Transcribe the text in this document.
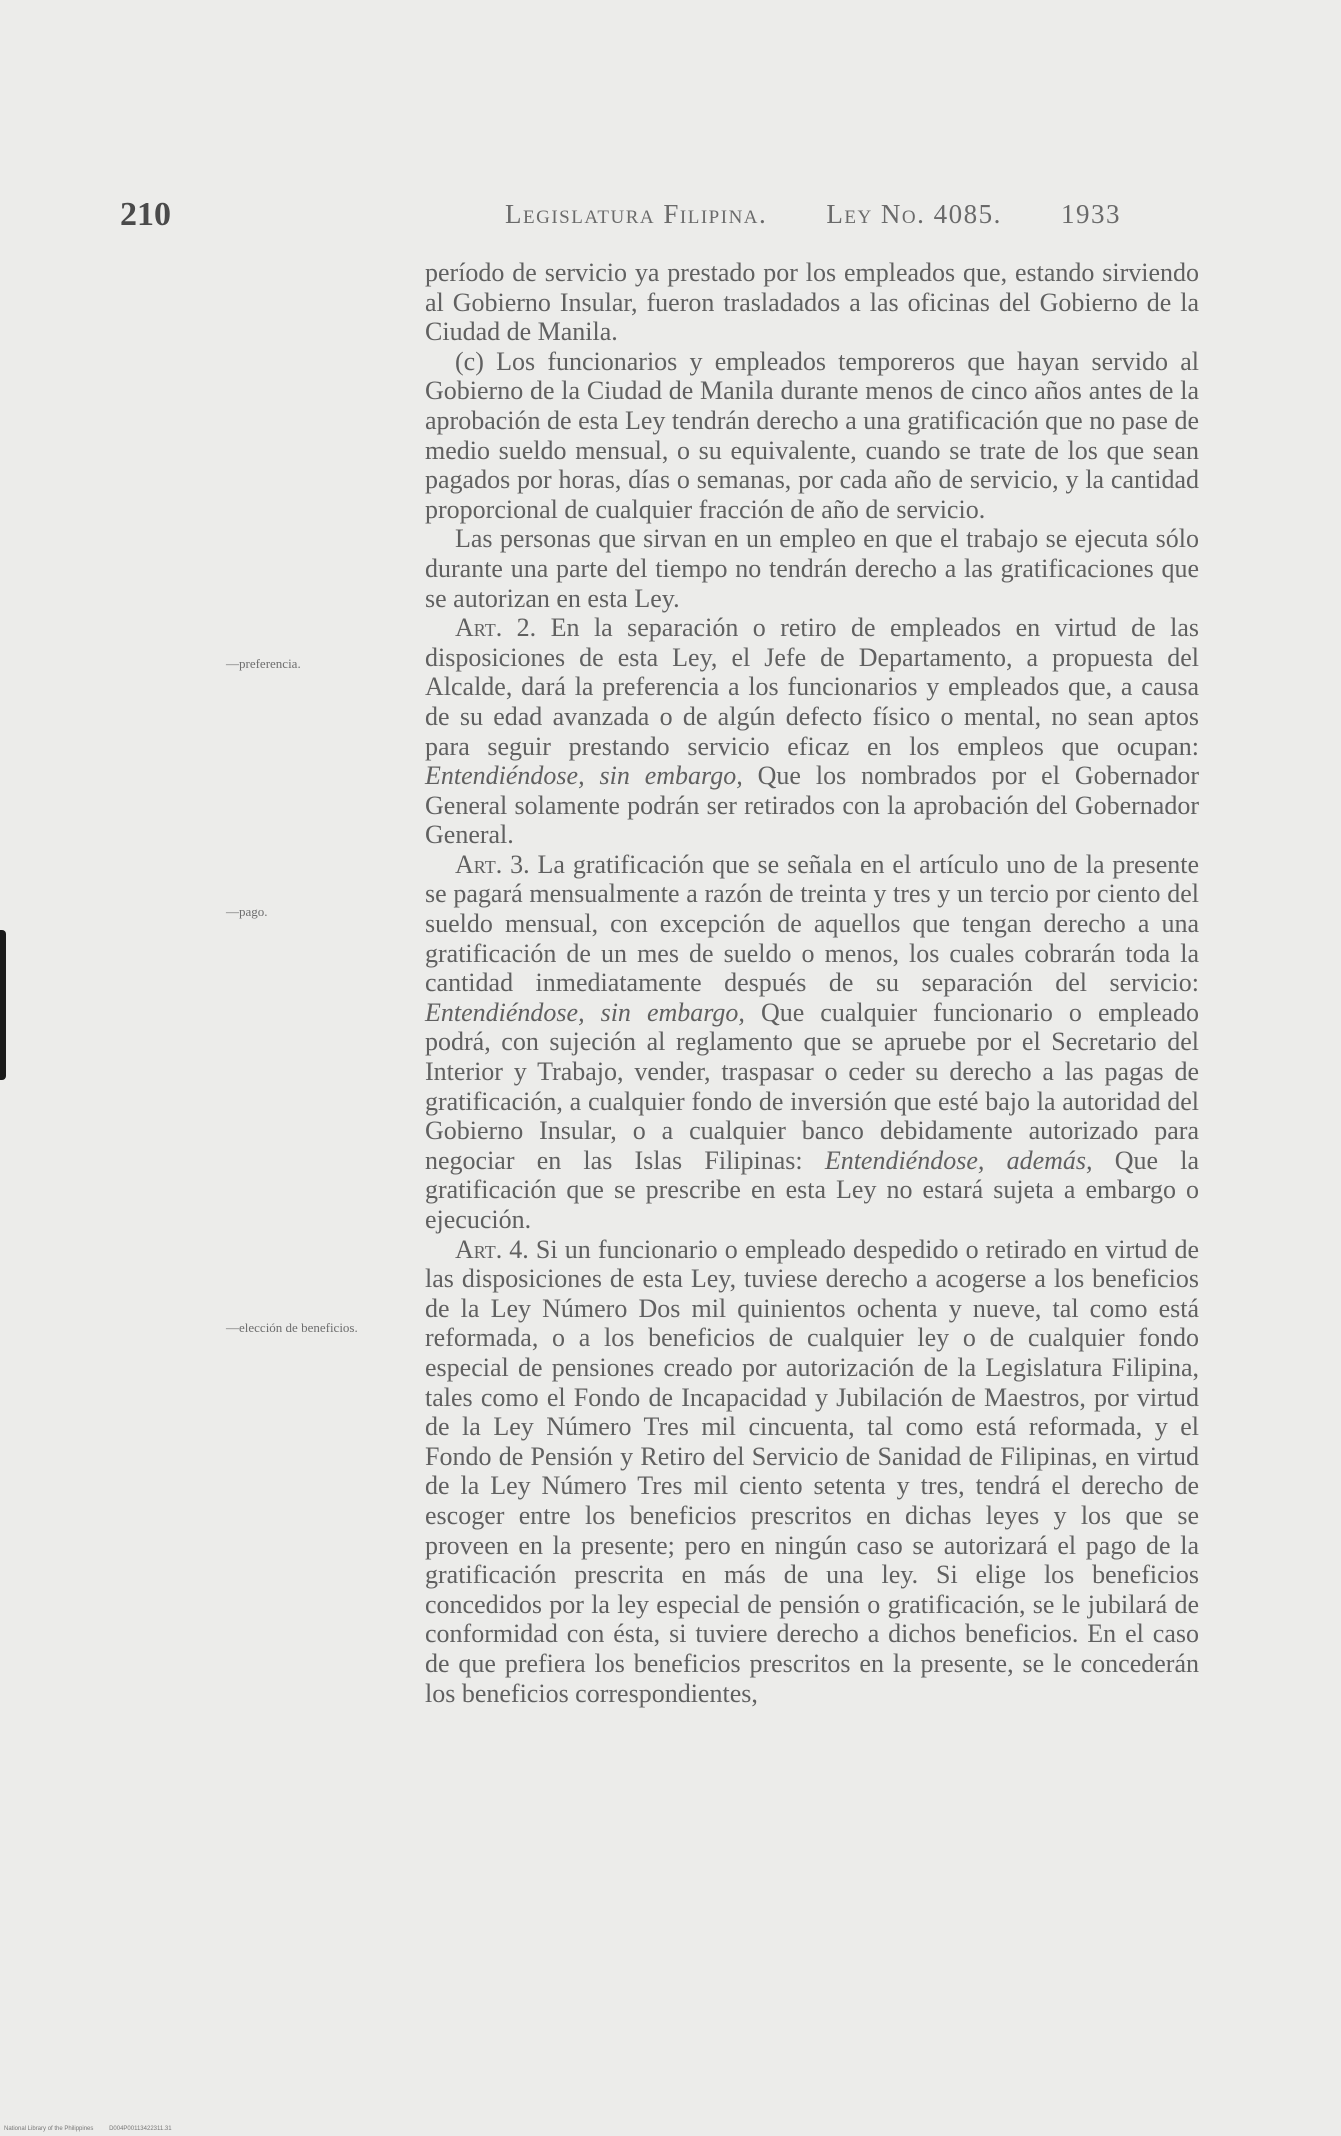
210	Legislatura Filipina. Ley No. 4085. 1933
—preferencia.
—pago.
—elección de beneficios.

período de servicio ya prestado por los empleados que, estando sirviendo al Gobierno Insular, fueron trasladados a las oficinas del Gobierno de la Ciudad de Manila.

(c) Los funcionarios y empleados temporeros que hayan servido al Gobierno de la Ciudad de Manila durante menos de cinco años antes de la aprobación de esta Ley tendrán derecho a una gratificación que no pase de medio sueldo mensual, o su equivalente, cuando se trate de los que sean pagados por horas, días o semanas, por cada año de servicio, y la cantidad proporcional de cualquier fracción de año de servicio.

Las personas que sirvan en un empleo en que el trabajo se ejecuta sólo durante una parte del tiempo no tendrán derecho a las gratificaciones que se autorizan en esta Ley.

Art. 2. En la separación o retiro de empleados en virtud de las disposiciones de esta Ley, el Jefe de Departamento, a propuesta del Alcalde, dará la preferencia a los funcionarios y empleados que, a causa de su edad avanzada o de algún defecto físico o mental, no sean aptos para seguir prestando servicio eficaz en los empleos que ocupan: Entendiéndose, sin embargo, Que los nombrados por el Gobernador General solamente podrán ser retirados con la aprobación del Gobernador General.

Art. 3. La gratificación que se señala en el artículo uno de la presente se pagará mensualmente a razón de treinta y tres y un tercio por ciento del sueldo mensual, con excepción de aquellos que tengan derecho a una gratificación de un mes de sueldo o menos, los cuales cobrarán toda la cantidad inmediatamente después de su separación del servicio: Entendiéndose, sin embargo, Que cualquier funcionario o empleado podrá, con sujeción al reglamento que se apruebe por el Secretario del Interior y Trabajo, vender, traspasar o ceder su derecho a las pagas de gratificación, a cualquier fondo de inversión que esté bajo la autoridad del Gobierno Insular, o a cualquier banco debidamente autorizado para negociar en las Islas Filipinas: Entendiéndose, además, Que la gratificación que se prescribe en esta Ley no estará sujeta a embargo o ejecución.

Art. 4. Si un funcionario o empleado despedido o retirado en virtud de las disposiciones de esta Ley, tuviese derecho a acogerse a los beneficios de la Ley Número Dos mil quinientos ochenta y nueve, tal como está reformada, o a los beneficios de cualquier ley o de cualquier fondo especial de pensiones creado por autorización de la Legislatura Filipina, tales como el Fondo de Incapacidad y Jubilación de Maestros, por virtud de la Ley Número Tres mil cincuenta, tal como está reformada, y el Fondo de Pensión y Retiro del Servicio de Sanidad de Filipinas, en virtud de la Ley Número Tres mil ciento setenta y tres, tendrá el derecho de escoger entre los beneficios prescritos en dichas leyes y los que se proveen en la presente; pero en ningún caso se autorizará el pago de la gratificación prescrita en más de una ley. Si elige los beneficios concedidos por la ley especial de pensión o gratificación, se le jubilará de conformidad con ésta, si tuviere derecho a dichos beneficios. En el caso de que prefiera los beneficios prescritos en la presente, se le concederán los beneficios correspondientes,

National Library of the Philippines	D004P00113422311.31
